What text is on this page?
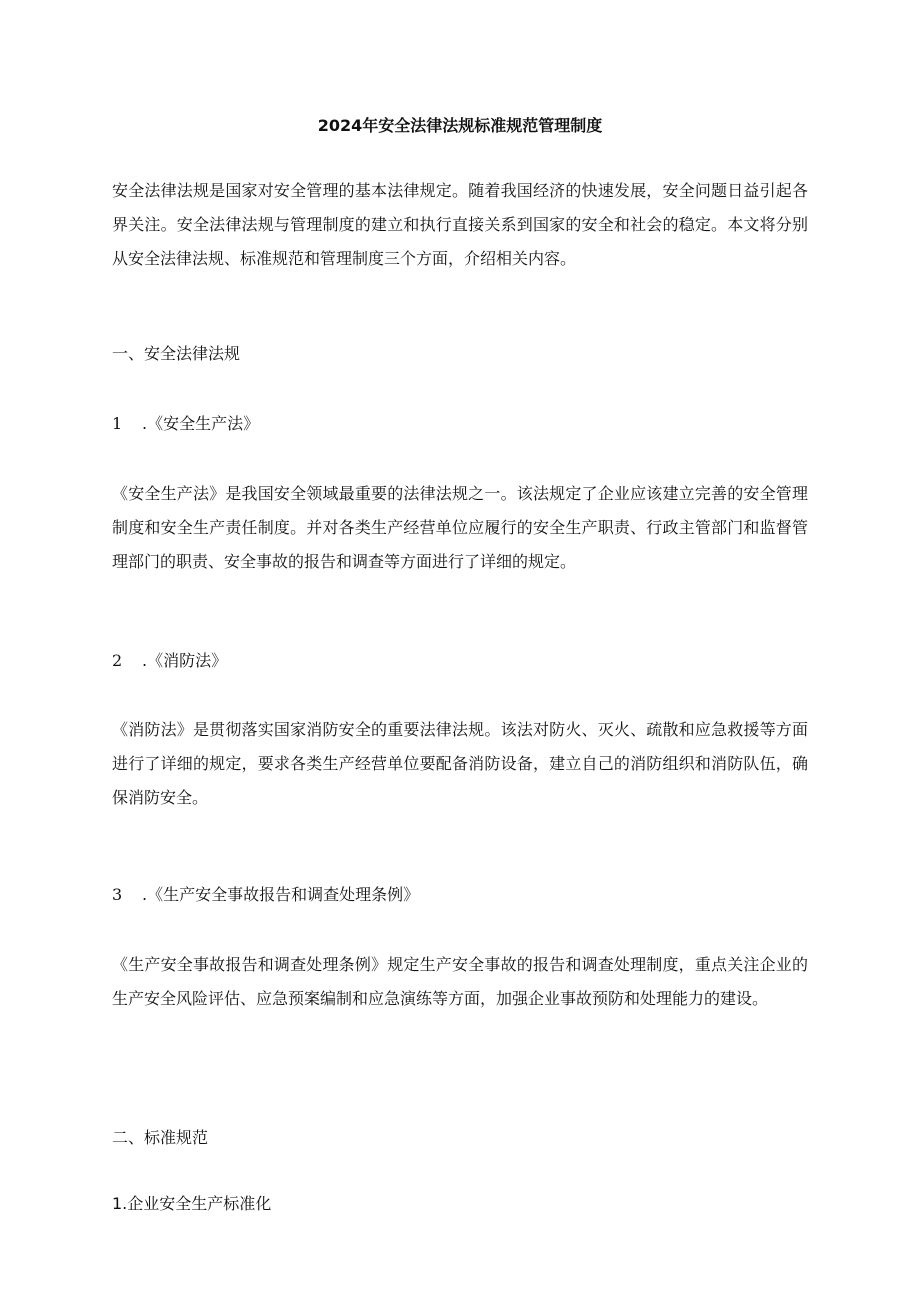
2024年安全法律法规标准规范管理制度
安全法律法规是国家对安全管理的基本法律规定。随着我国经济的快速发展，安全问题日益引起各界关注。安全法律法规与管理制度的建立和执行直接关系到国家的安全和社会的稳定。本文将分别从安全法律法规、标准规范和管理制度三个方面，介绍相关内容。
一、安全法律法规
1 .《安全生产法》
《安全生产法》是我国安全领域最重要的法律法规之一。该法规定了企业应该建立完善的安全管理制度和安全生产责任制度。并对各类生产经营单位应履行的安全生产职责、行政主管部门和监督管理部门的职责、安全事故的报告和调查等方面进行了详细的规定。
2 .《消防法》
《消防法》是贯彻落实国家消防安全的重要法律法规。该法对防火、灭火、疏散和应急救援等方面进行了详细的规定，要求各类生产经营单位要配备消防设备，建立自己的消防组织和消防队伍，确保消防安全。
3 .《生产安全事故报告和调查处理条例》
《生产安全事故报告和调查处理条例》规定生产安全事故的报告和调查处理制度，重点关注企业的生产安全风险评估、应急预案编制和应急演练等方面，加强企业事故预防和处理能力的建设。
二、标准规范
1.企业安全生产标准化
